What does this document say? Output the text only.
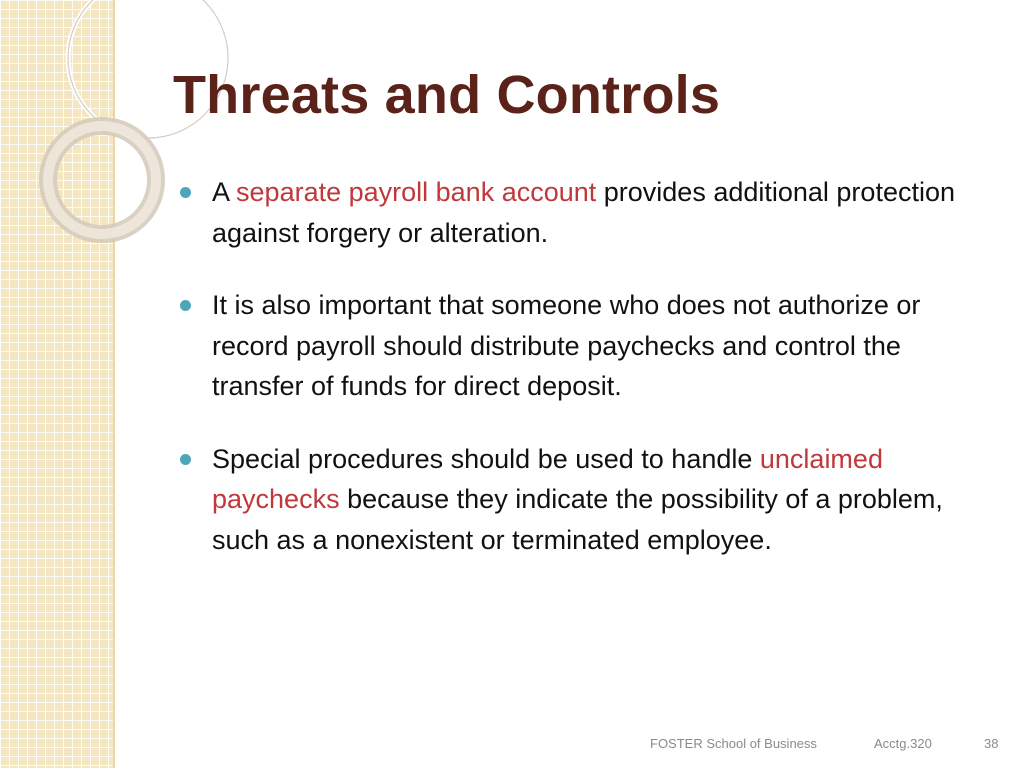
Threats and Controls
A separate payroll bank account provides additional protection against forgery or alteration.
It is also important that someone who does not authorize or record payroll should distribute paychecks and control the transfer of funds for direct deposit.
Special procedures should be used to handle unclaimed paychecks because they indicate the possibility of a problem, such as a nonexistent or terminated employee.
FOSTER School of Business	Acctg.320	38
